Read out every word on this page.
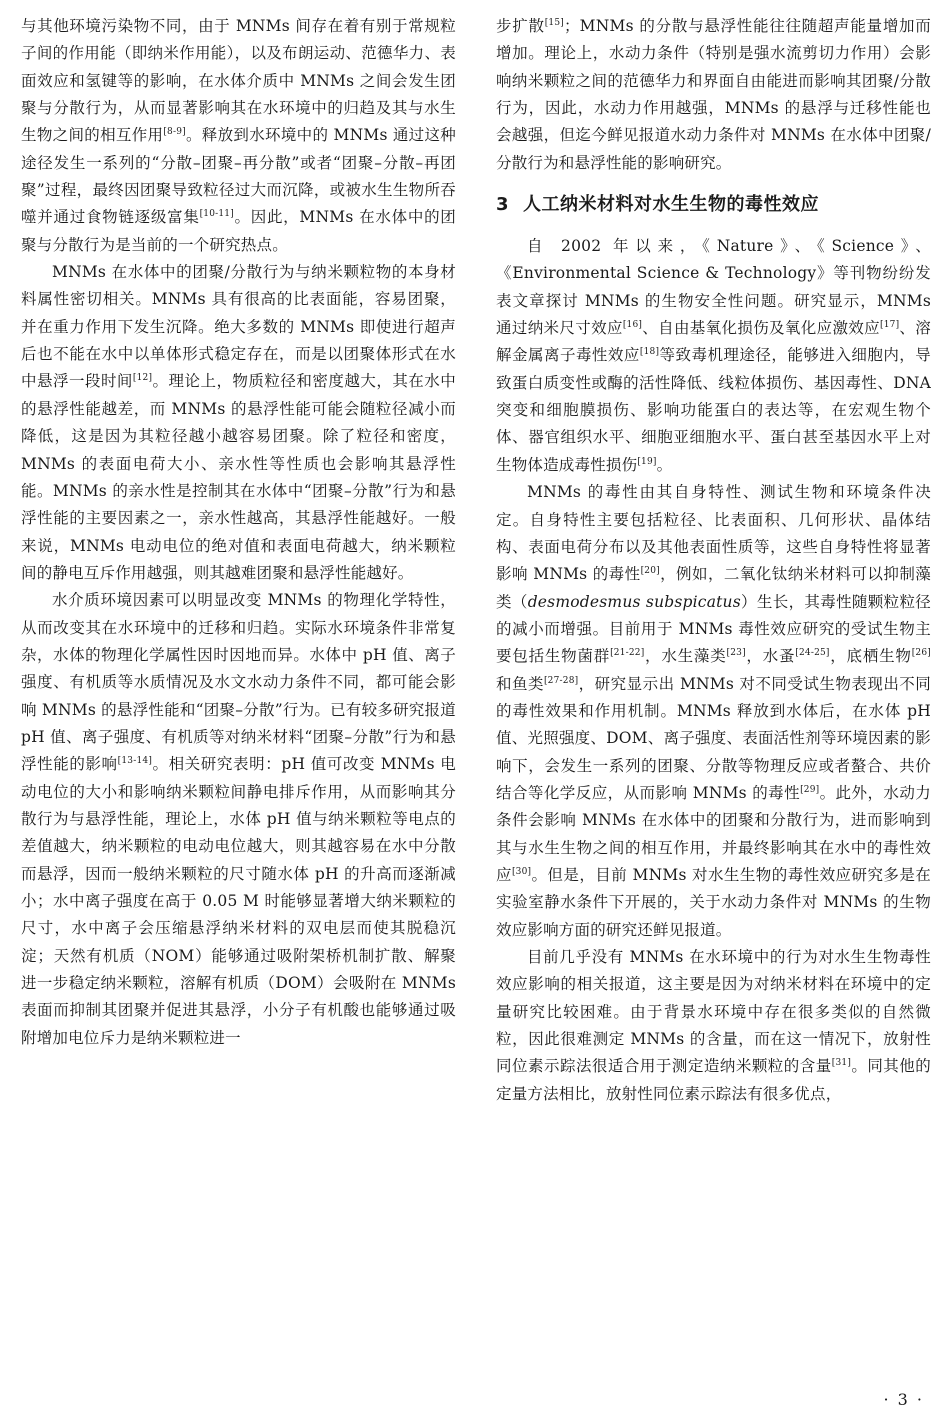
与其他环境污染物不同，由于 MNMs 间存在着有别于常规粒子间的作用能（即纳米作用能），以及布朗运动、范德华力、表面效应和氢键等的影响，在水体介质中 MNMs 之间会发生团聚与分散行为，从而显著影响其在水环境中的归趋及其与水生生物之间的相互作用[8-9]。释放到水环境中的 MNMs 通过这种途径发生一系列的“分散–团聚–再分散”或者“团聚–分散–再团聚”过程，最终因团聚导致粒径过大而沉降，或被水生生物所吞噬并通过食物链逐级富集[10-11]。因此，MNMs 在水体中的团聚与分散行为是当前的一个研究热点。

MNMs 在水体中的团聚/分散行为与纳米颗粒物的本身材料属性密切相关。MNMs 具有很高的比表面能，容易团聚，并在重力作用下发生沉降。绝大多数的 MNMs 即使进行超声后也不能在水中以单体形式稳定存在，而是以团聚体形式在水中悬浮一段时间[12]。理论上，物质粒径和密度越大，其在水中的悬浮性能越差，而 MNMs 的悬浮性能可能会随粒径减小而降低，这是因为其粒径越小越容易团聚。除了粒径和密度，MNMs 的表面电荷大小、亲水性等性质也会影响其悬浮性能。MNMs 的亲水性是控制其在水体中“团聚–分散”行为和悬浮性能的主要因素之一，亲水性越高，其悬浮性能越好。一般来说，MNMs 电动电位的绝对值和表面电荷越大，纳米颗粒间的静电互斥作用越强，则其越难团聚和悬浮性能越好。

水介质环境因素可以明显改变 MNMs 的物理化学特性，从而改变其在水环境中的迁移和归趋。实际水环境条件非常复杂，水体的物理化学属性因时因地而异。水体中 pH 值、离子强度、有机质等水质情况及水文水动力条件不同，都可能会影响 MNMs 的悬浮性能和“团聚–分散”行为。已有较多研究报道 pH 值、离子强度、有机质等对纳米材料“团聚–分散”行为和悬浮性能的影响[13-14]。相关研究表明：pH 值可改变 MNMs 电动电位的大小和影响纳米颗粒间静电排斥作用，从而影响其分散行为与悬浮性能，理论上，水体 pH 值与纳米颗粒等电点的差值越大，纳米颗粒的电动电位越大，则其越容易在水中分散而悬浮，因而一般纳米颗粒的尺寸随水体 pH 的升高而逐渐减小；水中离子强度在高于 0.05 M 时能够显著增大纳米颗粒的尺寸，水中离子会压缩悬浮纳米材料的双电层而使其脱稳沉淀；天然有机质（NOM）能够通过吸附架桥机制扩散、解聚进一步稳定纳米颗粒，溶解有机质（DOM）会吸附在 MNMs 表面而抑制其团聚并促进其悬浮，小分子有机酸也能够通过吸附增加电位斥力是纳米颗粒进一

步扩散[15]；MNMs 的分散与悬浮性能往往随超声能量增加而增加。理论上，水动力条件（特别是强水流剪切力作用）会影响纳米颗粒之间的范德华力和界面自由能进而影响其团聚/分散行为，因此，水动力作用越强，MNMs 的悬浮与迁移性能也会越强，但迄今鲜见报道水动力条件对 MNMs 在水体中团聚/分散行为和悬浮性能的影响研究。

3 人工纳米材料对水生生物的毒性效应

自 2002 年以来，《Nature》、《Science》、《Environmental Science & Technology》等刊物纷纷发表文章探讨 MNMs 的生物安全性问题。研究显示，MNMs 通过纳米尺寸效应[16]、自由基氧化损伤及氧化应激效应[17]、溶解金属离子毒性效应[18]等致毒机理途径，能够进入细胞内，导致蛋白质变性或酶的活性降低、线粒体损伤、基因毒性、DNA 突变和细胞膜损伤、影响功能蛋白的表达等，在宏观生物个体、器官组织水平、细胞亚细胞水平、蛋白甚至基因水平上对生物体造成毒性损伤[19]。

MNMs 的毒性由其自身特性、测试生物和环境条件决定。自身特性主要包括粒径、比表面积、几何形状、晶体结构、表面电荷分布以及其他表面性质等，这些自身特性将显著影响 MNMs 的毒性[20]，例如，二氧化钛纳米材料可以抑制藻类（desmodesmus subspicatus）生长，其毒性随颗粒粒径的减小而增强。目前用于 MNMs 毒性效应研究的受试生物主要包括生物菌群[21-22]，水生藻类[23]，水蚤[24-25]，底栖生物[26]和鱼类[27-28]，研究显示出 MNMs 对不同受试生物表现出不同的毒性效果和作用机制。MNMs 释放到水体后，在水体 pH 值、光照强度、DOM、离子强度、表面活性剂等环境因素的影响下，会发生一系列的团聚、分散等物理反应或者螯合、共价结合等化学反应，从而影响 MNMs 的毒性[29]。此外，水动力条件会影响 MNMs 在水体中的团聚和分散行为，进而影响到其与水生生物之间的相互作用，并最终影响其在水中的毒性效应[30]。但是，目前 MNMs 对水生生物的毒性效应研究多是在实验室静水条件下开展的，关于水动力条件对 MNMs 的生物效应影响方面的研究还鲜见报道。

目前几乎没有 MNMs 在水环境中的行为对水生生物毒性效应影响的相关报道，这主要是因为对纳米材料在环境中的定量研究比较困难。由于背景水环境中存在很多类似的自然微粒，因此很难测定 MNMs 的含量，而在这一情况下，放射性同位素示踪法很适合用于测定造纳米颗粒的含量[31]。同其他的定量方法相比，放射性同位素示踪法有很多优点，

· 3 ·
